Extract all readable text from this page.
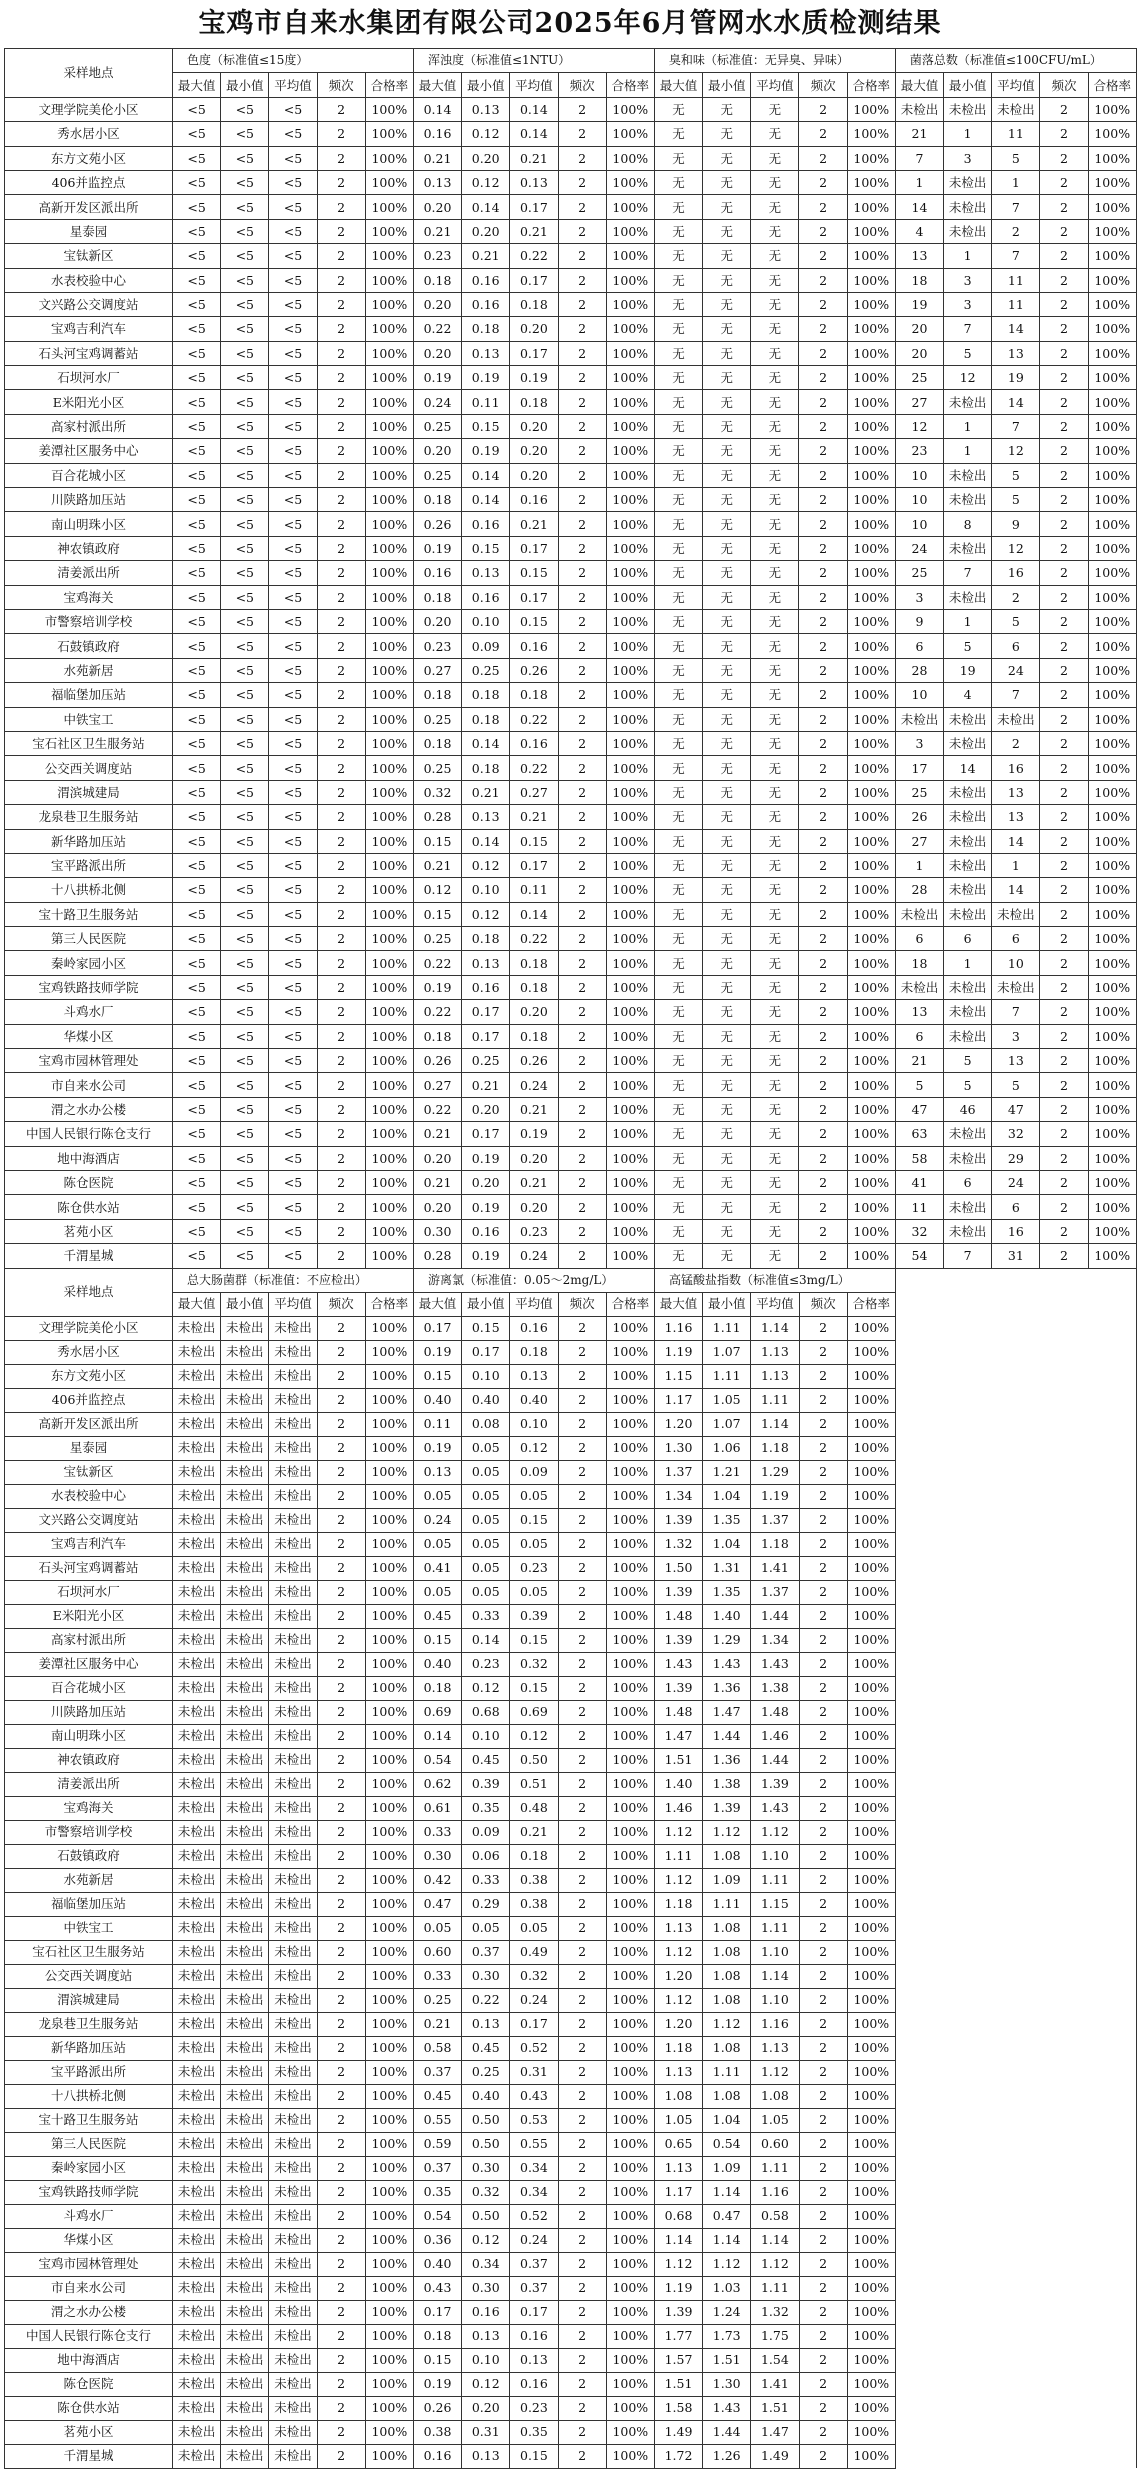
宝鸡市自来水集团有限公司2025年6月管网水水质检测结果
采样地点	色度（标准值≤15度）					浑浊度（标准值≤1NTU）					臭和味（标准值：无异臭、异味）					菌落总数（标准值≤100CFU/mL）				
	最大值	最小值	平均值	频次	合格率	最大值	最小值	平均值	频次	合格率	最大值	最小值	平均值	频次	合格率	最大值	最小值	平均值	频次	合格率
文理学院美伦小区	<5	<5	<5	2	100%	0.14	0.13	0.14	2	100%	无	无	无	2	100%	未检出	未检出	未检出	2	100%
秀水居小区	<5	<5	<5	2	100%	0.16	0.12	0.14	2	100%	无	无	无	2	100%	21	1	11	2	100%
东方文苑小区	<5	<5	<5	2	100%	0.21	0.20	0.21	2	100%	无	无	无	2	100%	7	3	5	2	100%
406并监控点	<5	<5	<5	2	100%	0.13	0.12	0.13	2	100%	无	无	无	2	100%	1	未检出	1	2	100%
高新开发区派出所	<5	<5	<5	2	100%	0.20	0.14	0.17	2	100%	无	无	无	2	100%	14	未检出	7	2	100%
星泰园	<5	<5	<5	2	100%	0.21	0.20	0.21	2	100%	无	无	无	2	100%	4	未检出	2	2	100%
宝钛新区	<5	<5	<5	2	100%	0.23	0.21	0.22	2	100%	无	无	无	2	100%	13	1	7	2	100%
水表校验中心	<5	<5	<5	2	100%	0.18	0.16	0.17	2	100%	无	无	无	2	100%	18	3	11	2	100%
文兴路公交调度站	<5	<5	<5	2	100%	0.20	0.16	0.18	2	100%	无	无	无	2	100%	19	3	11	2	100%
宝鸡吉利汽车	<5	<5	<5	2	100%	0.22	0.18	0.20	2	100%	无	无	无	2	100%	20	7	14	2	100%
石头河宝鸡调蓄站	<5	<5	<5	2	100%	0.20	0.13	0.17	2	100%	无	无	无	2	100%	20	5	13	2	100%
石坝河水厂	<5	<5	<5	2	100%	0.19	0.19	0.19	2	100%	无	无	无	2	100%	25	12	19	2	100%
E米阳光小区	<5	<5	<5	2	100%	0.24	0.11	0.18	2	100%	无	无	无	2	100%	27	未检出	14	2	100%
高家村派出所	<5	<5	<5	2	100%	0.25	0.15	0.20	2	100%	无	无	无	2	100%	12	1	7	2	100%
姜潭社区服务中心	<5	<5	<5	2	100%	0.20	0.19	0.20	2	100%	无	无	无	2	100%	23	1	12	2	100%
百合花城小区	<5	<5	<5	2	100%	0.25	0.14	0.20	2	100%	无	无	无	2	100%	10	未检出	5	2	100%
川陕路加压站	<5	<5	<5	2	100%	0.18	0.14	0.16	2	100%	无	无	无	2	100%	10	未检出	5	2	100%
南山明珠小区	<5	<5	<5	2	100%	0.26	0.16	0.21	2	100%	无	无	无	2	100%	10	8	9	2	100%
神农镇政府	<5	<5	<5	2	100%	0.19	0.15	0.17	2	100%	无	无	无	2	100%	24	未检出	12	2	100%
清姜派出所	<5	<5	<5	2	100%	0.16	0.13	0.15	2	100%	无	无	无	2	100%	25	7	16	2	100%
宝鸡海关	<5	<5	<5	2	100%	0.18	0.16	0.17	2	100%	无	无	无	2	100%	3	未检出	2	2	100%
市警察培训学校	<5	<5	<5	2	100%	0.20	0.10	0.15	2	100%	无	无	无	2	100%	9	1	5	2	100%
石鼓镇政府	<5	<5	<5	2	100%	0.23	0.09	0.16	2	100%	无	无	无	2	100%	6	5	6	2	100%
水苑新居	<5	<5	<5	2	100%	0.27	0.25	0.26	2	100%	无	无	无	2	100%	28	19	24	2	100%
福临堡加压站	<5	<5	<5	2	100%	0.18	0.18	0.18	2	100%	无	无	无	2	100%	10	4	7	2	100%
中铁宝工	<5	<5	<5	2	100%	0.25	0.18	0.22	2	100%	无	无	无	2	100%	未检出	未检出	未检出	2	100%
宝石社区卫生服务站	<5	<5	<5	2	100%	0.18	0.14	0.16	2	100%	无	无	无	2	100%	3	未检出	2	2	100%
公交西关调度站	<5	<5	<5	2	100%	0.25	0.18	0.22	2	100%	无	无	无	2	100%	17	14	16	2	100%
渭滨城建局	<5	<5	<5	2	100%	0.32	0.21	0.27	2	100%	无	无	无	2	100%	25	未检出	13	2	100%
龙泉巷卫生服务站	<5	<5	<5	2	100%	0.28	0.13	0.21	2	100%	无	无	无	2	100%	26	未检出	13	2	100%
新华路加压站	<5	<5	<5	2	100%	0.15	0.14	0.15	2	100%	无	无	无	2	100%	27	未检出	14	2	100%
宝平路派出所	<5	<5	<5	2	100%	0.21	0.12	0.17	2	100%	无	无	无	2	100%	1	未检出	1	2	100%
十八拱桥北侧	<5	<5	<5	2	100%	0.12	0.10	0.11	2	100%	无	无	无	2	100%	28	未检出	14	2	100%
宝十路卫生服务站	<5	<5	<5	2	100%	0.15	0.12	0.14	2	100%	无	无	无	2	100%	未检出	未检出	未检出	2	100%
第三人民医院	<5	<5	<5	2	100%	0.25	0.18	0.22	2	100%	无	无	无	2	100%	6	6	6	2	100%
秦岭家园小区	<5	<5	<5	2	100%	0.22	0.13	0.18	2	100%	无	无	无	2	100%	18	1	10	2	100%
宝鸡铁路技师学院	<5	<5	<5	2	100%	0.19	0.16	0.18	2	100%	无	无	无	2	100%	未检出	未检出	未检出	2	100%
斗鸡水厂	<5	<5	<5	2	100%	0.22	0.17	0.20	2	100%	无	无	无	2	100%	13	未检出	7	2	100%
华煤小区	<5	<5	<5	2	100%	0.18	0.17	0.18	2	100%	无	无	无	2	100%	6	未检出	3	2	100%
宝鸡市园林管理处	<5	<5	<5	2	100%	0.26	0.25	0.26	2	100%	无	无	无	2	100%	21	5	13	2	100%
市自来水公司	<5	<5	<5	2	100%	0.27	0.21	0.24	2	100%	无	无	无	2	100%	5	5	5	2	100%
渭之水办公楼	<5	<5	<5	2	100%	0.22	0.20	0.21	2	100%	无	无	无	2	100%	47	46	47	2	100%
中国人民银行陈仓支行	<5	<5	<5	2	100%	0.21	0.17	0.19	2	100%	无	无	无	2	100%	63	未检出	32	2	100%
地中海酒店	<5	<5	<5	2	100%	0.20	0.19	0.20	2	100%	无	无	无	2	100%	58	未检出	29	2	100%
陈仓医院	<5	<5	<5	2	100%	0.21	0.20	0.21	2	100%	无	无	无	2	100%	41	6	24	2	100%
陈仓供水站	<5	<5	<5	2	100%	0.20	0.19	0.20	2	100%	无	无	无	2	100%	11	未检出	6	2	100%
茗苑小区	<5	<5	<5	2	100%	0.30	0.16	0.23	2	100%	无	无	无	2	100%	32	未检出	16	2	100%
千渭星城	<5	<5	<5	2	100%	0.28	0.19	0.24	2	100%	无	无	无	2	100%	54	7	31	2	100%
采样地点	总大肠菌群（标准值：不应检出）					游离氯（标准值：0.05～2mg/L）					高锰酸盐指数（标准值≤3mg/L）					
	最大值	最小值	平均值	频次	合格率	最大值	最小值	平均值	频次	合格率	最大值	最小值	平均值	频次	合格率	
文理学院美伦小区	未检出	未检出	未检出	2	100%	0.17	0.15	0.16	2	100%	1.16	1.11	1.14	2	100%	
秀水居小区	未检出	未检出	未检出	2	100%	0.19	0.17	0.18	2	100%	1.19	1.07	1.13	2	100%	
东方文苑小区	未检出	未检出	未检出	2	100%	0.15	0.10	0.13	2	100%	1.15	1.11	1.13	2	100%	
406并监控点	未检出	未检出	未检出	2	100%	0.40	0.40	0.40	2	100%	1.17	1.05	1.11	2	100%	
高新开发区派出所	未检出	未检出	未检出	2	100%	0.11	0.08	0.10	2	100%	1.20	1.07	1.14	2	100%	
星泰园	未检出	未检出	未检出	2	100%	0.19	0.05	0.12	2	100%	1.30	1.06	1.18	2	100%	
宝钛新区	未检出	未检出	未检出	2	100%	0.13	0.05	0.09	2	100%	1.37	1.21	1.29	2	100%	
水表校验中心	未检出	未检出	未检出	2	100%	0.05	0.05	0.05	2	100%	1.34	1.04	1.19	2	100%	
文兴路公交调度站	未检出	未检出	未检出	2	100%	0.24	0.05	0.15	2	100%	1.39	1.35	1.37	2	100%	
宝鸡吉利汽车	未检出	未检出	未检出	2	100%	0.05	0.05	0.05	2	100%	1.32	1.04	1.18	2	100%	
石头河宝鸡调蓄站	未检出	未检出	未检出	2	100%	0.41	0.05	0.23	2	100%	1.50	1.31	1.41	2	100%	
石坝河水厂	未检出	未检出	未检出	2	100%	0.05	0.05	0.05	2	100%	1.39	1.35	1.37	2	100%	
E米阳光小区	未检出	未检出	未检出	2	100%	0.45	0.33	0.39	2	100%	1.48	1.40	1.44	2	100%	
高家村派出所	未检出	未检出	未检出	2	100%	0.15	0.14	0.15	2	100%	1.39	1.29	1.34	2	100%	
姜潭社区服务中心	未检出	未检出	未检出	2	100%	0.40	0.23	0.32	2	100%	1.43	1.43	1.43	2	100%	
百合花城小区	未检出	未检出	未检出	2	100%	0.18	0.12	0.15	2	100%	1.39	1.36	1.38	2	100%	
川陕路加压站	未检出	未检出	未检出	2	100%	0.69	0.68	0.69	2	100%	1.48	1.47	1.48	2	100%	
南山明珠小区	未检出	未检出	未检出	2	100%	0.14	0.10	0.12	2	100%	1.47	1.44	1.46	2	100%	
神农镇政府	未检出	未检出	未检出	2	100%	0.54	0.45	0.50	2	100%	1.51	1.36	1.44	2	100%	
清姜派出所	未检出	未检出	未检出	2	100%	0.62	0.39	0.51	2	100%	1.40	1.38	1.39	2	100%	
宝鸡海关	未检出	未检出	未检出	2	100%	0.61	0.35	0.48	2	100%	1.46	1.39	1.43	2	100%	
市警察培训学校	未检出	未检出	未检出	2	100%	0.33	0.09	0.21	2	100%	1.12	1.12	1.12	2	100%	
石鼓镇政府	未检出	未检出	未检出	2	100%	0.30	0.06	0.18	2	100%	1.11	1.08	1.10	2	100%	
水苑新居	未检出	未检出	未检出	2	100%	0.42	0.33	0.38	2	100%	1.12	1.09	1.11	2	100%	
福临堡加压站	未检出	未检出	未检出	2	100%	0.47	0.29	0.38	2	100%	1.18	1.11	1.15	2	100%	
中铁宝工	未检出	未检出	未检出	2	100%	0.05	0.05	0.05	2	100%	1.13	1.08	1.11	2	100%	
宝石社区卫生服务站	未检出	未检出	未检出	2	100%	0.60	0.37	0.49	2	100%	1.12	1.08	1.10	2	100%	
公交西关调度站	未检出	未检出	未检出	2	100%	0.33	0.30	0.32	2	100%	1.20	1.08	1.14	2	100%	
渭滨城建局	未检出	未检出	未检出	2	100%	0.25	0.22	0.24	2	100%	1.12	1.08	1.10	2	100%	
龙泉巷卫生服务站	未检出	未检出	未检出	2	100%	0.21	0.13	0.17	2	100%	1.20	1.12	1.16	2	100%	
新华路加压站	未检出	未检出	未检出	2	100%	0.58	0.45	0.52	2	100%	1.18	1.08	1.13	2	100%	
宝平路派出所	未检出	未检出	未检出	2	100%	0.37	0.25	0.31	2	100%	1.13	1.11	1.12	2	100%	
十八拱桥北侧	未检出	未检出	未检出	2	100%	0.45	0.40	0.43	2	100%	1.08	1.08	1.08	2	100%	
宝十路卫生服务站	未检出	未检出	未检出	2	100%	0.55	0.50	0.53	2	100%	1.05	1.04	1.05	2	100%	
第三人民医院	未检出	未检出	未检出	2	100%	0.59	0.50	0.55	2	100%	0.65	0.54	0.60	2	100%	
秦岭家园小区	未检出	未检出	未检出	2	100%	0.37	0.30	0.34	2	100%	1.13	1.09	1.11	2	100%	
宝鸡铁路技师学院	未检出	未检出	未检出	2	100%	0.35	0.32	0.34	2	100%	1.17	1.14	1.16	2	100%	
斗鸡水厂	未检出	未检出	未检出	2	100%	0.54	0.50	0.52	2	100%	0.68	0.47	0.58	2	100%	
华煤小区	未检出	未检出	未检出	2	100%	0.36	0.12	0.24	2	100%	1.14	1.14	1.14	2	100%	
宝鸡市园林管理处	未检出	未检出	未检出	2	100%	0.40	0.34	0.37	2	100%	1.12	1.12	1.12	2	100%	
市自来水公司	未检出	未检出	未检出	2	100%	0.43	0.30	0.37	2	100%	1.19	1.03	1.11	2	100%	
渭之水办公楼	未检出	未检出	未检出	2	100%	0.17	0.16	0.17	2	100%	1.39	1.24	1.32	2	100%	
中国人民银行陈仓支行	未检出	未检出	未检出	2	100%	0.18	0.13	0.16	2	100%	1.77	1.73	1.75	2	100%	
地中海酒店	未检出	未检出	未检出	2	100%	0.15	0.10	0.13	2	100%	1.57	1.51	1.54	2	100%	
陈仓医院	未检出	未检出	未检出	2	100%	0.19	0.12	0.16	2	100%	1.51	1.30	1.41	2	100%	
陈仓供水站	未检出	未检出	未检出	2	100%	0.26	0.20	0.23	2	100%	1.58	1.43	1.51	2	100%	
茗苑小区	未检出	未检出	未检出	2	100%	0.38	0.31	0.35	2	100%	1.49	1.44	1.47	2	100%	
千渭星城	未检出	未检出	未检出	2	100%	0.16	0.13	0.15	2	100%	1.72	1.26	1.49	2	100%	
